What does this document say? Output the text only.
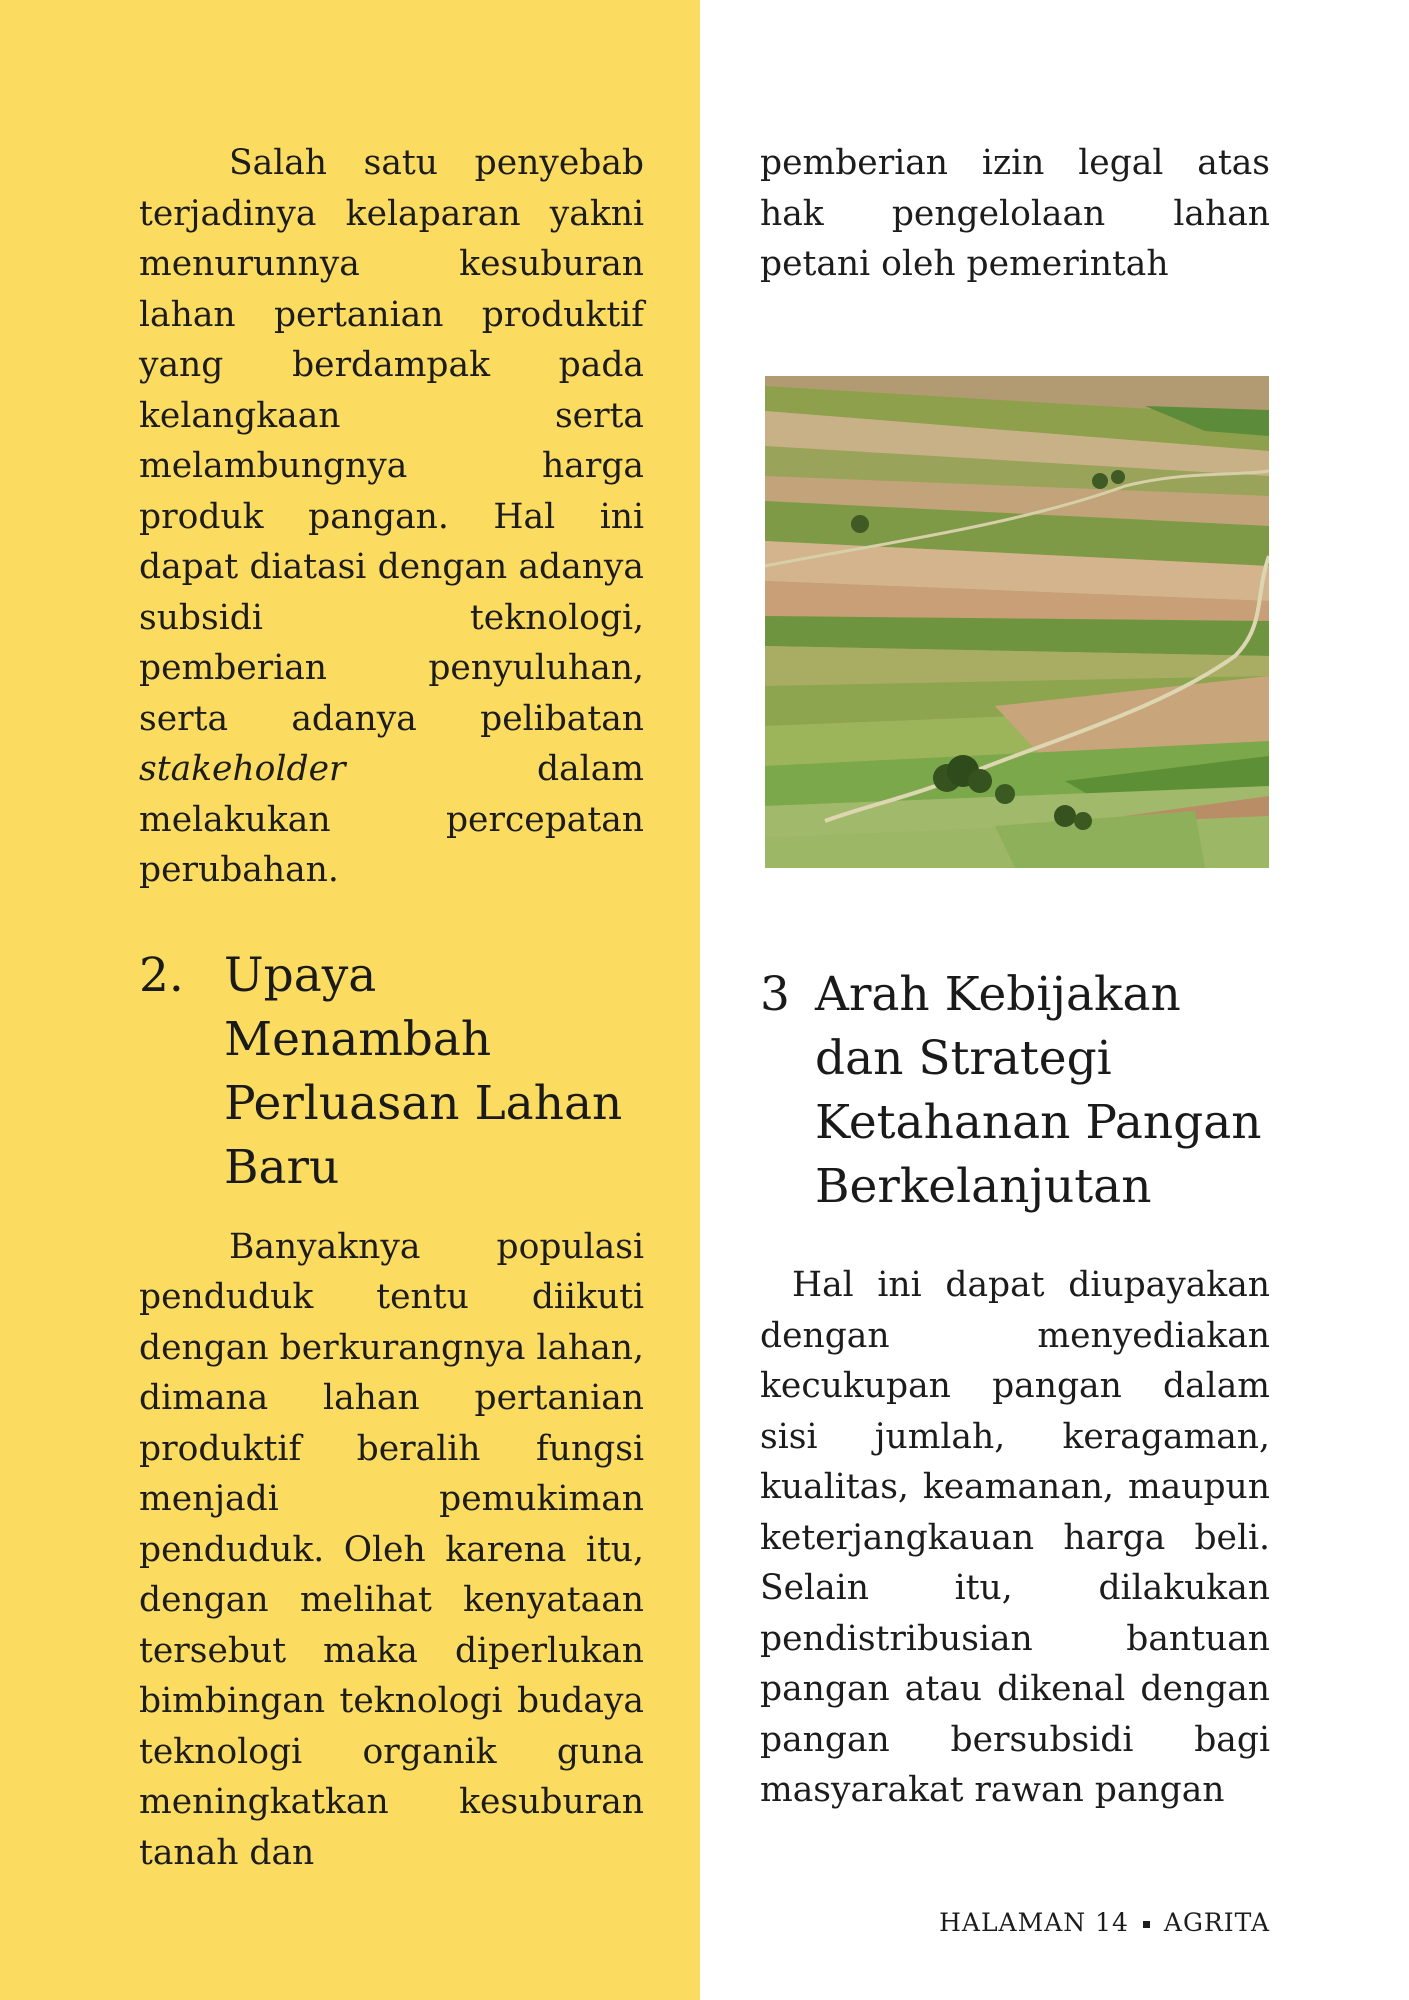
Salah satu penyebab terjadinya kelaparan yakni menurunnya kesuburan lahan pertanian produktif yang berdampak pada kelangkaan serta melambungnya harga produk pangan. Hal ini dapat diatasi dengan adanya subsidi teknologi, pemberian penyuluhan, serta adanya pelibatan stakeholder dalam melakukan percepatan perubahan.

2. Upaya Menambah Perluasan Lahan Baru

Banyaknya populasi penduduk tentu diikuti dengan berkurangnya lahan, dimana lahan pertanian produktif beralih fungsi menjadi pemukiman penduduk. Oleh karena itu, dengan melihat kenyataan tersebut maka diperlukan bimbingan teknologi budaya teknologi organik guna meningkatkan kesuburan tanah dan

pemberian izin legal atas hak pengelolaan lahan petani oleh pemerintah

3 Arah Kebijakan dan Strategi Ketahanan Pangan Berkelanjutan

Hal ini dapat diupayakan dengan menyediakan kecukupan pangan dalam sisi jumlah, keragaman, kualitas, keamanan, maupun keterjangkauan harga beli. Selain itu, dilakukan pendistribusian bantuan pangan atau dikenal dengan pangan bersubsidi bagi masyarakat rawan pangan

HALAMAN 14 AGRITA
